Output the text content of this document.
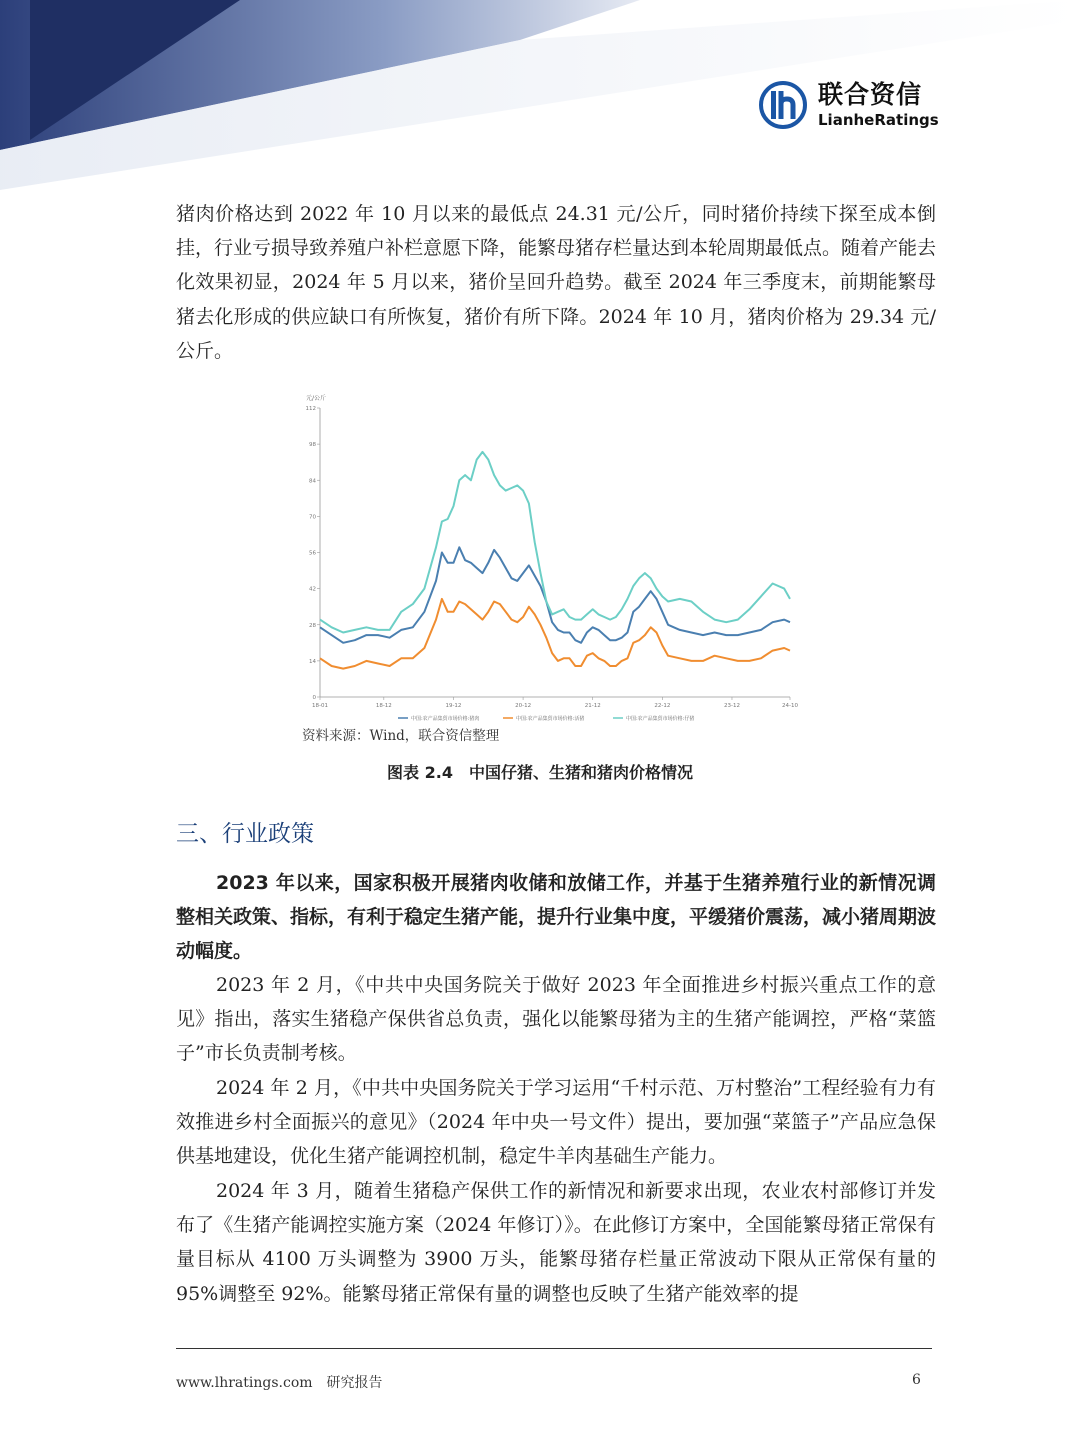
联合资信
LianheRatings

猪肉价格达到 2022 年 10 月以来的最低点 24.31 元/公斤，同时猪价持续下探至成本倒挂，行业亏损导致养殖户补栏意愿下降，能繁母猪存栏量达到本轮周期最低点。随着产能去化效果初显，2024 年 5 月以来，猪价呈回升趋势。截至 2024 年三季度末，前期能繁母猪去化形成的供应缺口有所恢复，猪价有所下降。2024 年 10 月，猪肉价格为 29.34 元/公斤。

元/公斤
0
14
28
42
56
70
84
98
112
18-01	18-12	19-12	20-12	21-12	22-12	23-12	24-10
中国:农产品集贸市场价格:猪肉	中国:农产品集贸市场价格:活猪	中国:农产品集贸市场价格:仔猪
资料来源：Wind，联合资信整理
图表 2.4　中国仔猪、生猪和猪肉价格情况
三、行业政策

2023 年以来，国家积极开展猪肉收储和放储工作，并基于生猪养殖行业的新情况调整相关政策、指标，有利于稳定生猪产能，提升行业集中度，平缓猪价震荡，减小猪周期波动幅度。

2023 年 2 月，《中共中央国务院关于做好 2023 年全面推进乡村振兴重点工作的意见》指出，落实生猪稳产保供省总负责，强化以能繁母猪为主的生猪产能调控，严格“菜篮子”市长负责制考核。

2024 年 2 月，《中共中央国务院关于学习运用“千村示范、万村整治”工程经验有力有效推进乡村全面振兴的意见》（2024 年中央一号文件）提出，要加强“菜篮子”产品应急保供基地建设，优化生猪产能调控机制，稳定牛羊肉基础生产能力。

2024 年 3 月，随着生猪稳产保供工作的新情况和新要求出现，农业农村部修订并发布了《生猪产能调控实施方案（2024 年修订）》。在此修订方案中，全国能繁母猪正常保有量目标从 4100 万头调整为 3900 万头，能繁母猪存栏量正常波动下限从正常保有量的 95%调整至 92%。能繁母猪正常保有量的调整也反映了生猪产能效率的提

www.lhratings.com　研究报告	6
